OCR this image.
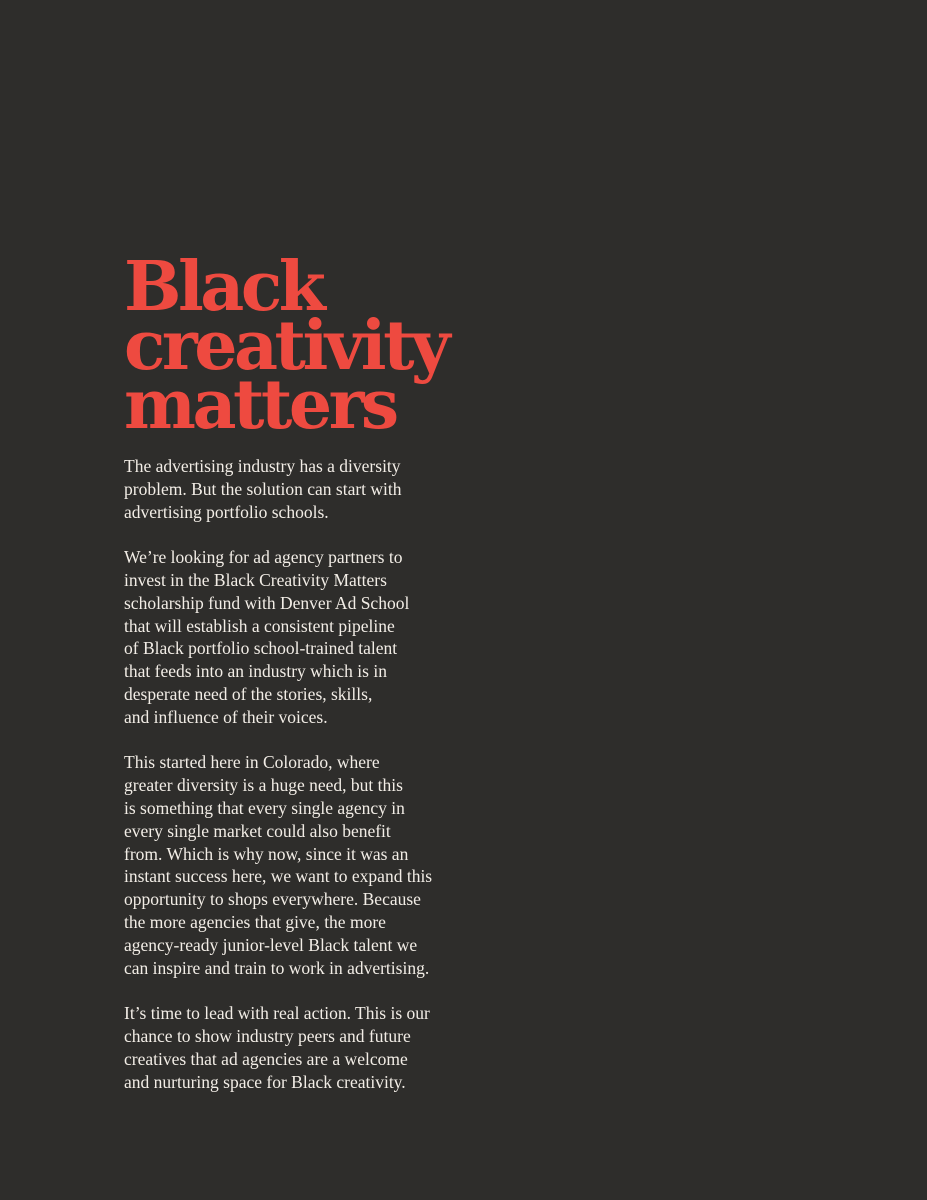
Black
creativity
matters

The advertising industry has a diversity
problem. But the solution can start with
advertising portfolio schools.

We’re looking for ad agency partners to
invest in the Black Creativity Matters
scholarship fund with Denver Ad School
that will establish a consistent pipeline
of Black portfolio school-trained talent
that feeds into an industry which is in
desperate need of the stories, skills,
and influence of their voices.

This started here in Colorado, where
greater diversity is a huge need, but this
is something that every single agency in
every single market could also benefit
from. Which is why now, since it was an
instant success here, we want to expand this
opportunity to shops everywhere. Because
the more agencies that give, the more
agency-ready junior-level Black talent we
can inspire and train to work in advertising.

It’s time to lead with real action. This is our
chance to show industry peers and future
creatives that ad agencies are a welcome
and nurturing space for Black creativity.
